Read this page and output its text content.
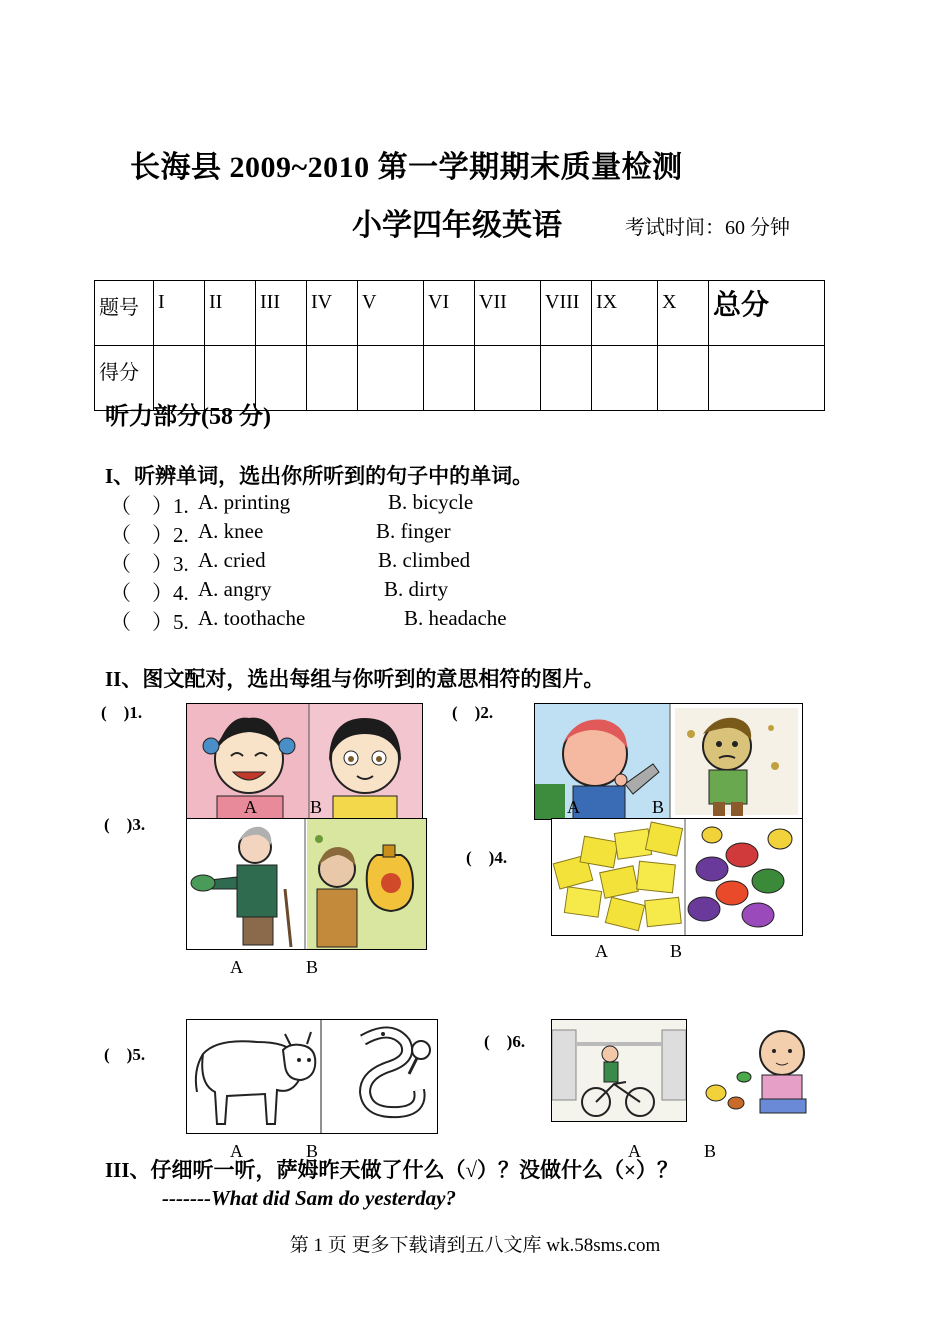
长海县 2009~2010 第一学期期末质量检测
小学四年级英语	考试时间：60 分钟
题号	I	II	III	IV	V	VI	VII	VIII	IX	X	总分
得分											
听力部分(58 分)
I、听辨单词，选出你所听到的句子中的单词。
（　）1. A. printing	B. bicycle
（　）2. A. knee	B. finger
（　）3. A. cried	B. climbed
（　）4. A. angry	B. dirty
（　）5. A. toothache	B. headache
II、图文配对，选出每组与你听到的意思相符的图片。
(　)1.
A	B
(　)2.
A	B
(　)3.
A	B
(　)4.
A	B
(　)5.
A	B
(　)6.
A	B
III、仔细听一听，萨姆昨天做了什么（√）？没做什么（×）？
-------What did Sam do yesterday?
第 1 页 更多下载请到五八文库 wk.58sms.com
